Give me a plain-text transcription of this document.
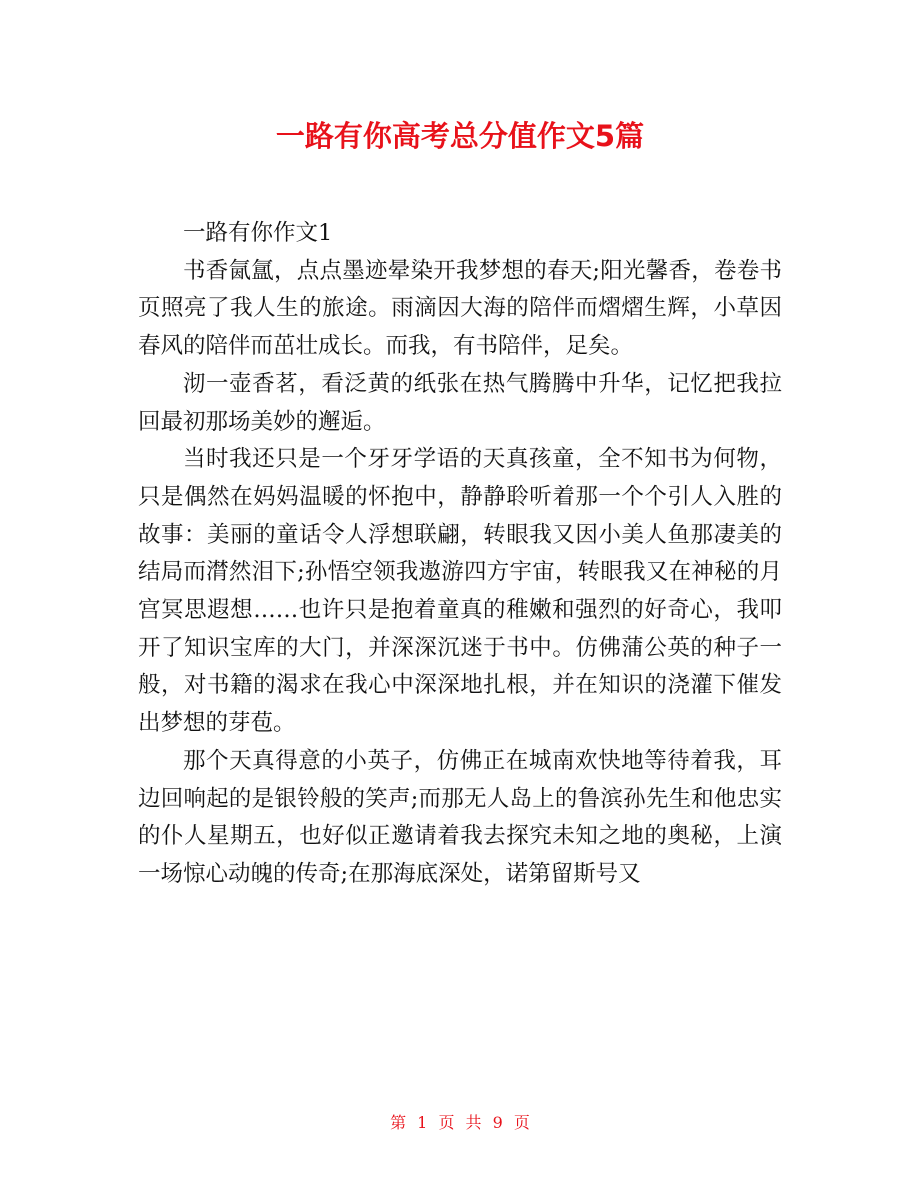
一路有你高考总分值作文5篇

一路有你作文1

书香氤氲，点点墨迹晕染开我梦想的春天;阳光馨香，卷卷书页照亮了我人生的旅途。雨滴因大海的陪伴而熠熠生辉，小草因春风的陪伴而茁壮成长。而我，有书陪伴，足矣。

沏一壶香茗，看泛黄的纸张在热气腾腾中升华，记忆把我拉回最初那场美妙的邂逅。

当时我还只是一个牙牙学语的天真孩童，全不知书为何物，只是偶然在妈妈温暖的怀抱中，静静聆听着那一个个引人入胜的故事：美丽的童话令人浮想联翩，转眼我又因小美人鱼那凄美的结局而潸然泪下;孙悟空领我遨游四方宇宙，转眼我又在神秘的月宫冥思遐想……也许只是抱着童真的稚嫩和强烈的好奇心，我叩开了知识宝库的大门，并深深沉迷于书中。仿佛蒲公英的种子一般，对书籍的渴求在我心中深深地扎根，并在知识的浇灌下催发出梦想的芽苞。

那个天真得意的小英子，仿佛正在城南欢快地等待着我，耳边回响起的是银铃般的笑声;而那无人岛上的鲁滨孙先生和他忠实的仆人星期五，也好似正邀请着我去探究未知之地的奥秘，上演一场惊心动魄的传奇;在那海底深处，诺第留斯号又

第 1 页 共 9 页
